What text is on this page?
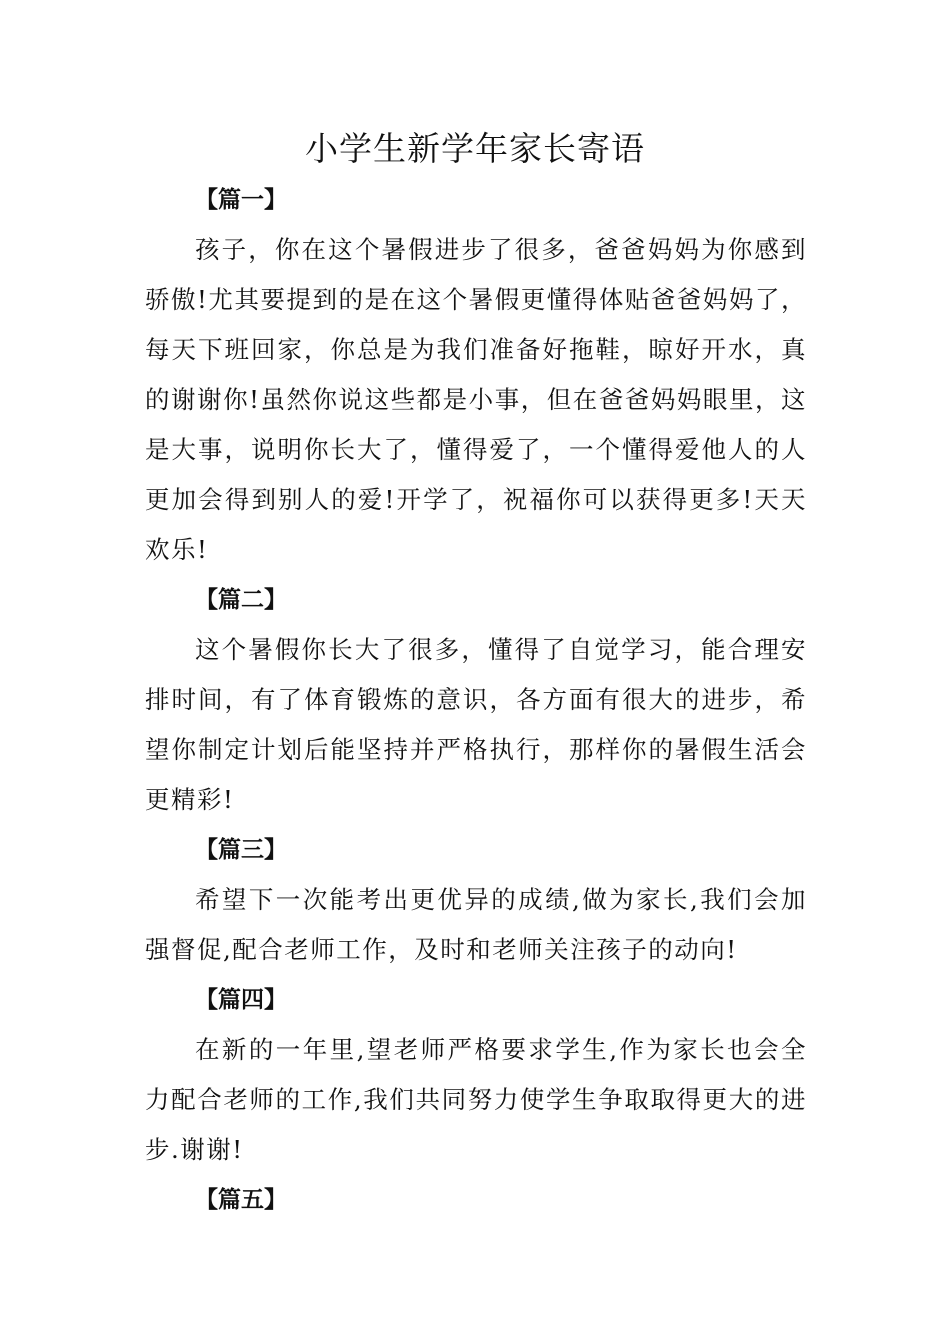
小学生新学年家长寄语
【篇一】

孩子，你在这个暑假进步了很多，爸爸妈妈为你感到骄傲!尤其要提到的是在这个暑假更懂得体贴爸爸妈妈了，每天下班回家，你总是为我们准备好拖鞋，晾好开水，真的谢谢你!虽然你说这些都是小事，但在爸爸妈妈眼里，这是大事，说明你长大了，懂得爱了，一个懂得爱他人的人更加会得到别人的爱!开学了，祝福你可以获得更多!天天欢乐!

【篇二】

这个暑假你长大了很多，懂得了自觉学习，能合理安排时间，有了体育锻炼的意识，各方面有很大的进步，希望你制定计划后能坚持并严格执行，那样你的暑假生活会更精彩!

【篇三】

希望下一次能考出更优异的成绩,做为家长,我们会加强督促,配合老师工作，及时和老师关注孩子的动向!

【篇四】

在新的一年里,望老师严格要求学生,作为家长也会全力配合老师的工作,我们共同努力使学生争取取得更大的进步.谢谢!

【篇五】
